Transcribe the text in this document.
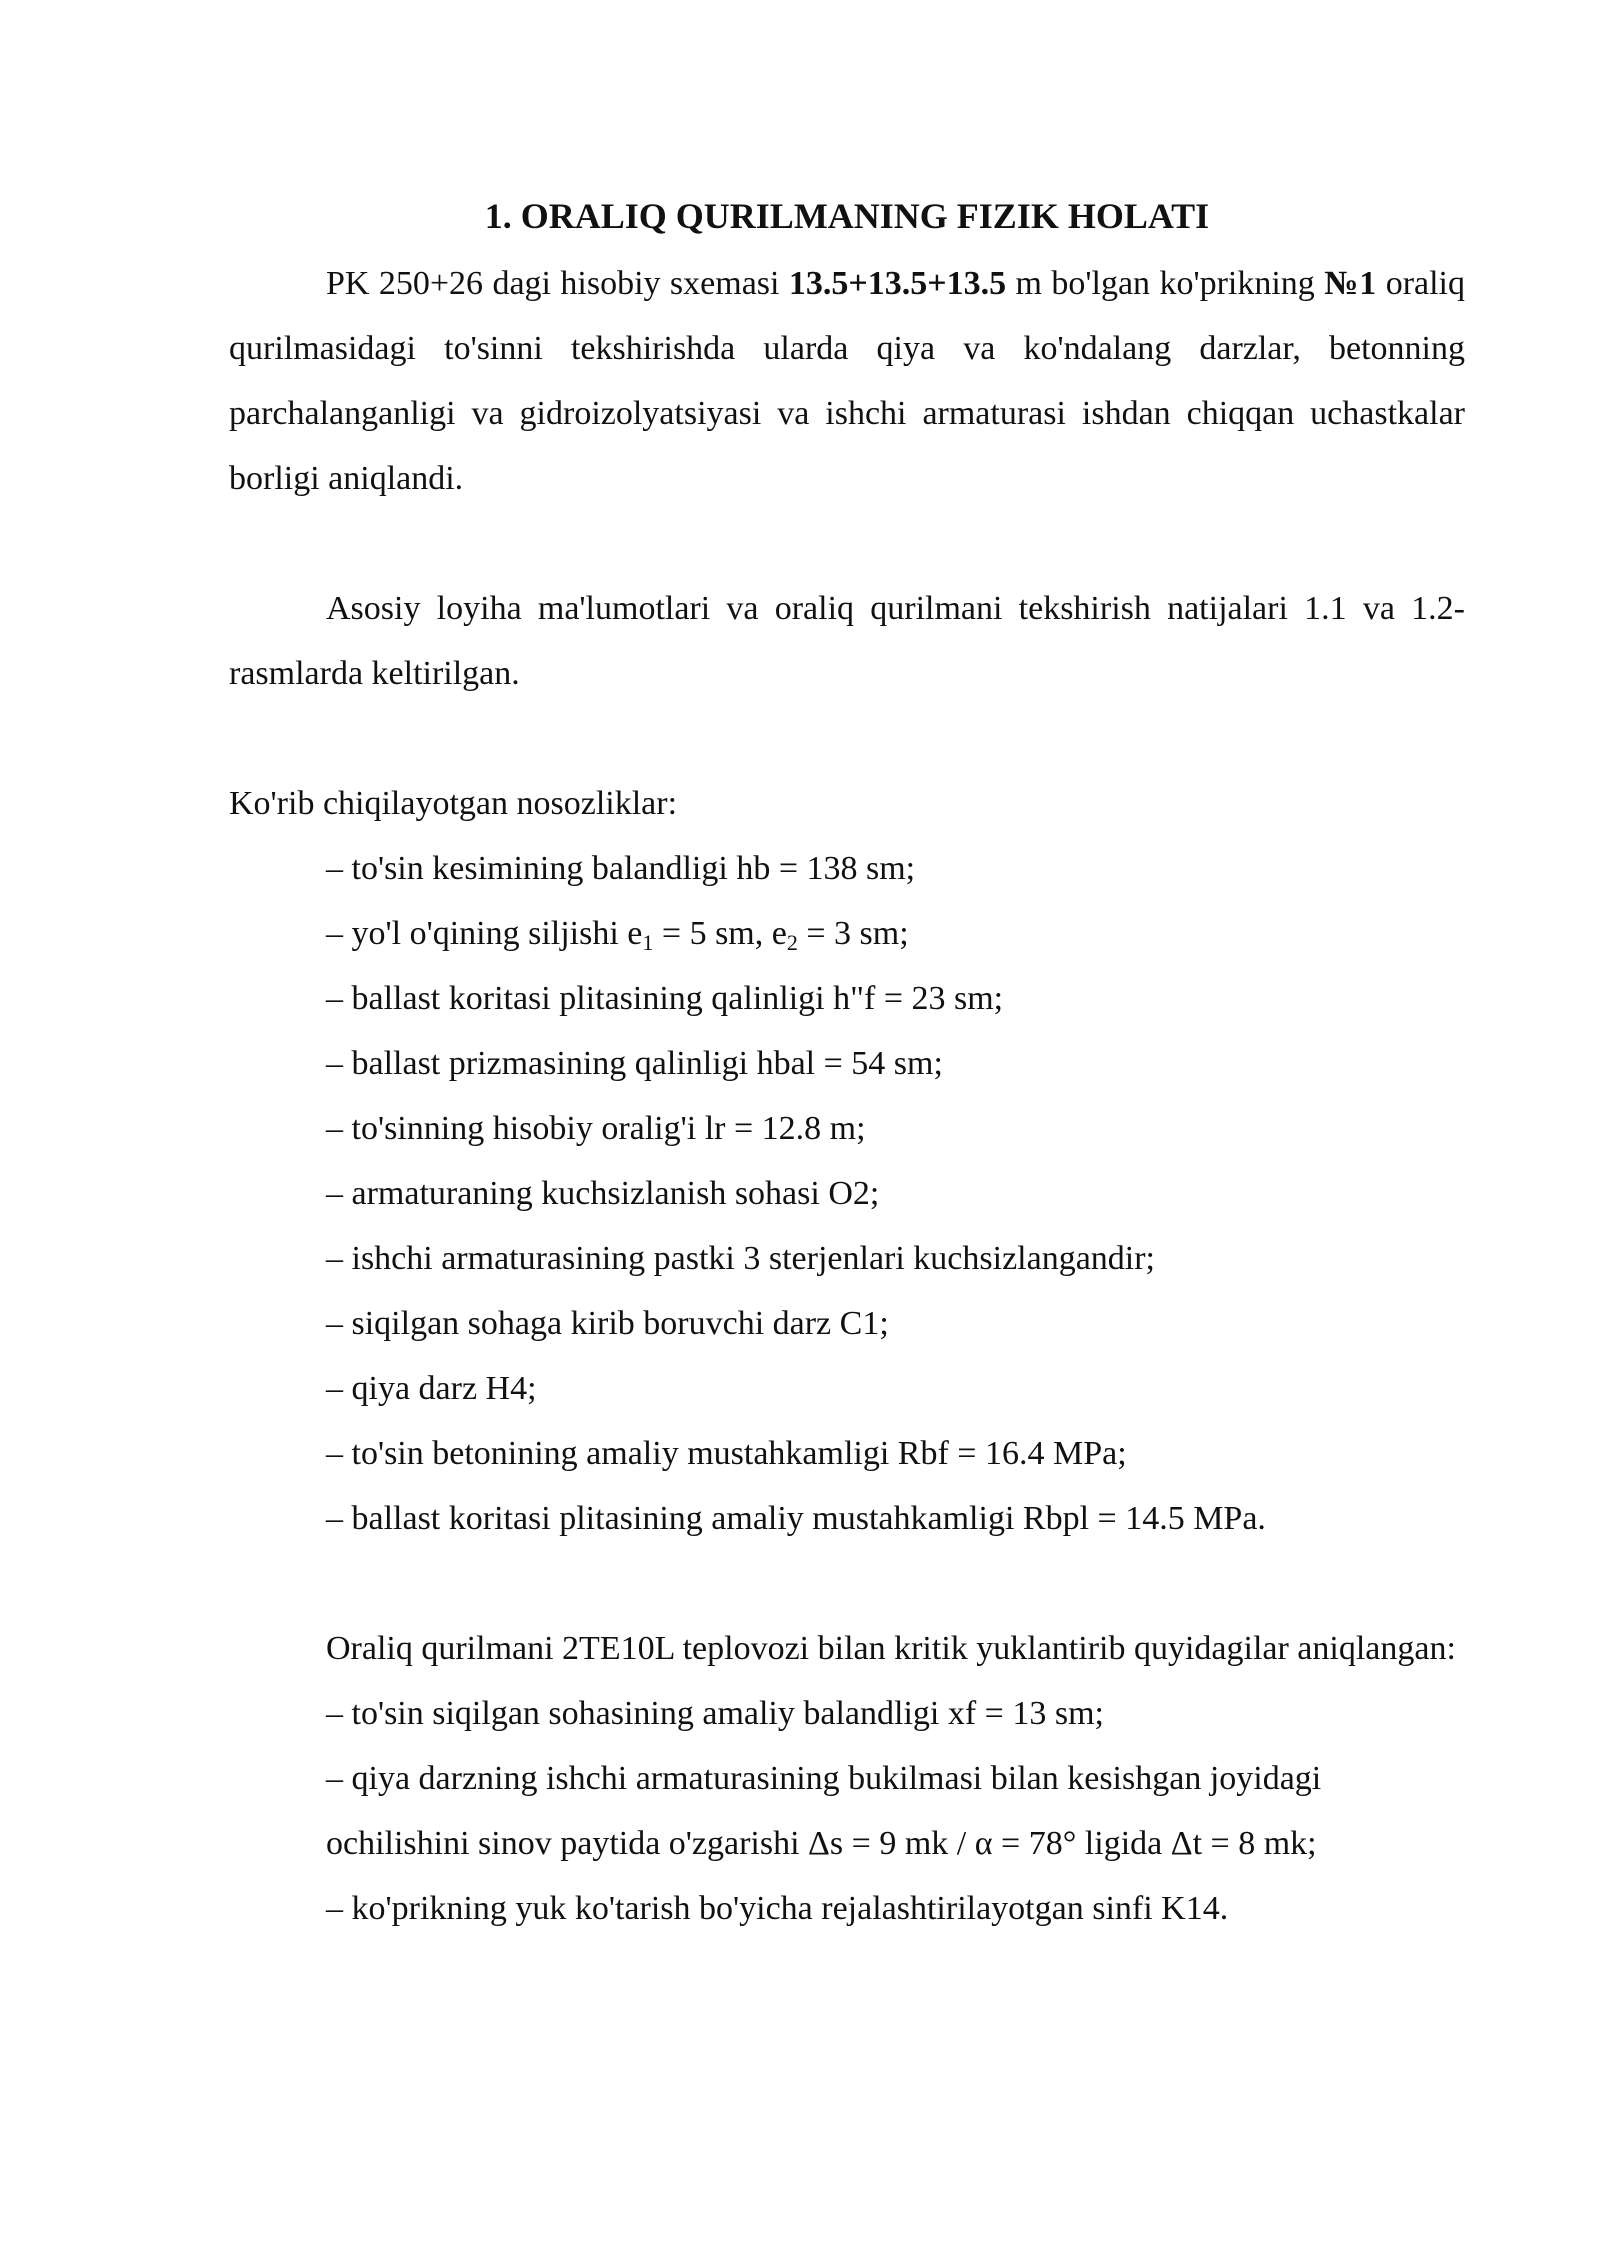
1. ORALIQ QURILMANING FIZIK HOLATI

PK 250+26 dagi hisobiy sxemasi 13.5+13.5+13.5 m bo'lgan ko'prikning №1 oraliq qurilmasidagi to'sinni tekshirishda ularda qiya va ko'ndalang darzlar, betonning parchalanganligi va gidroizolyatsiyasi va ishchi armaturasi ishdan chiqqan uchastkalar borligi aniqlandi.

Asosiy loyiha ma'lumotlari va oraliq qurilmani tekshirish natijalari 1.1 va 1.2-rasmlarda keltirilgan.

Ko'rib chiqilayotgan nosozliklar:

– to'sin kesimining balandligi hb = 138 sm;

– yo'l o'qining siljishi $e_1 = 5$ sm, $e_2 = 3$ sm;

– ballast koritasi plitasining qalinligi h"f = 23 sm;

– ballast prizmasining qalinligi hbal = 54 sm;

– to'sinning hisobiy oralig'i lr = 12.8 m;

– armaturaning kuchsizlanish sohasi O2;

– ishchi armaturasining pastki 3 sterjenlari kuchsizlangandir;

– siqilgan sohaga kirib boruvchi darz C1;

– qiya darz H4;

– to'sin betonining amaliy mustahkamligi Rbf = 16.4 MPa;

– ballast koritasi plitasining amaliy mustahkamligi Rbpl = 14.5 MPa.

Oraliq qurilmani 2TE10L teplovozi bilan kritik yuklantirib quyidagilar aniqlangan:

– to'sin siqilgan sohasining amaliy balandligi xf = 13 sm;

– qiya darzning ishchi armaturasining bukilmasi bilan kesishgan joyidagi

ochilishini sinov paytida o'zgarishi Δs = 9 mk / α = 78° ligida Δt = 8 mk;

– ko'prikning yuk ko'tarish bo'yicha rejalashtirilayotgan sinfi K14.
